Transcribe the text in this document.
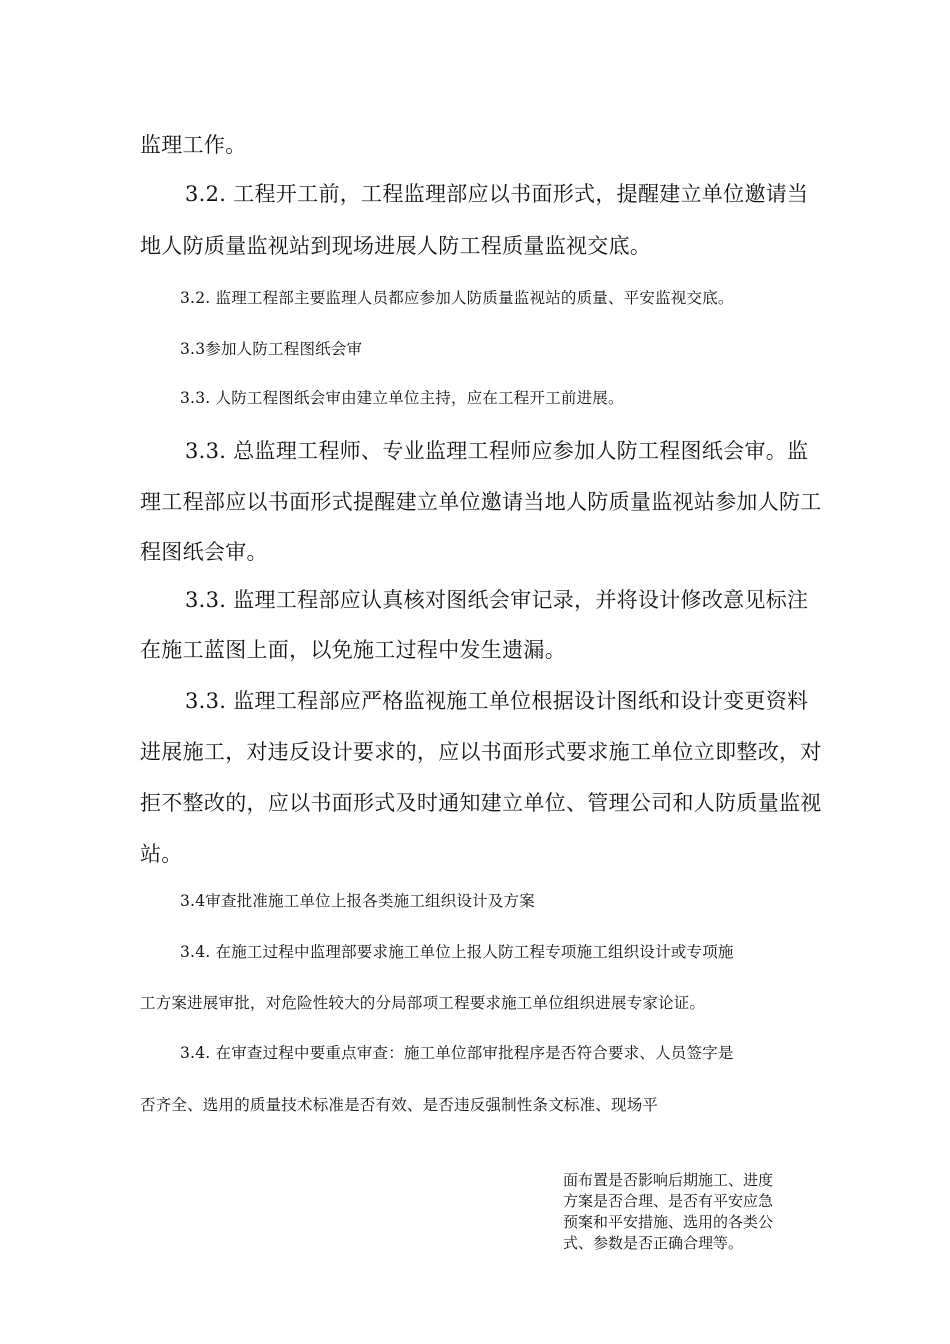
监理工作。
3.2. 工程开工前，工程监理部应以书面形式，提醒建立单位邀请当
地人防质量监视站到现场进展人防工程质量监视交底。
3.2. 监理工程部主要监理人员都应参加人防质量监视站的质量、平安监视交底。
3.3参加人防工程图纸会审
3.3. 人防工程图纸会审由建立单位主持，应在工程开工前进展。
3.3. 总监理工程师、专业监理工程师应参加人防工程图纸会审。监
理工程部应以书面形式提醒建立单位邀请当地人防质量监视站参加人防工
程图纸会审。
3.3. 监理工程部应认真核对图纸会审记录，并将设计修改意见标注
在施工蓝图上面，以免施工过程中发生遗漏。
3.3. 监理工程部应严格监视施工单位根据设计图纸和设计变更资料
进展施工，对违反设计要求的，应以书面形式要求施工单位立即整改，对
拒不整改的，应以书面形式及时通知建立单位、管理公司和人防质量监视
站。
3.4审查批准施工单位上报各类施工组织设计及方案
3.4. 在施工过程中监理部要求施工单位上报人防工程专项施工组织设计或专项施
工方案进展审批，对危险性较大的分局部项工程要求施工单位组织进展专家论证。
3.4. 在审查过程中要重点审查：施工单位部审批程序是否符合要求、人员签字是
否齐全、选用的质量技术标准是否有效、是否违反强制性条文标准、现场平
面布置是否影响后期施工、进度
方案是否合理、是否有平安应急
预案和平安措施、选用的各类公
式、参数是否正确合理等。
